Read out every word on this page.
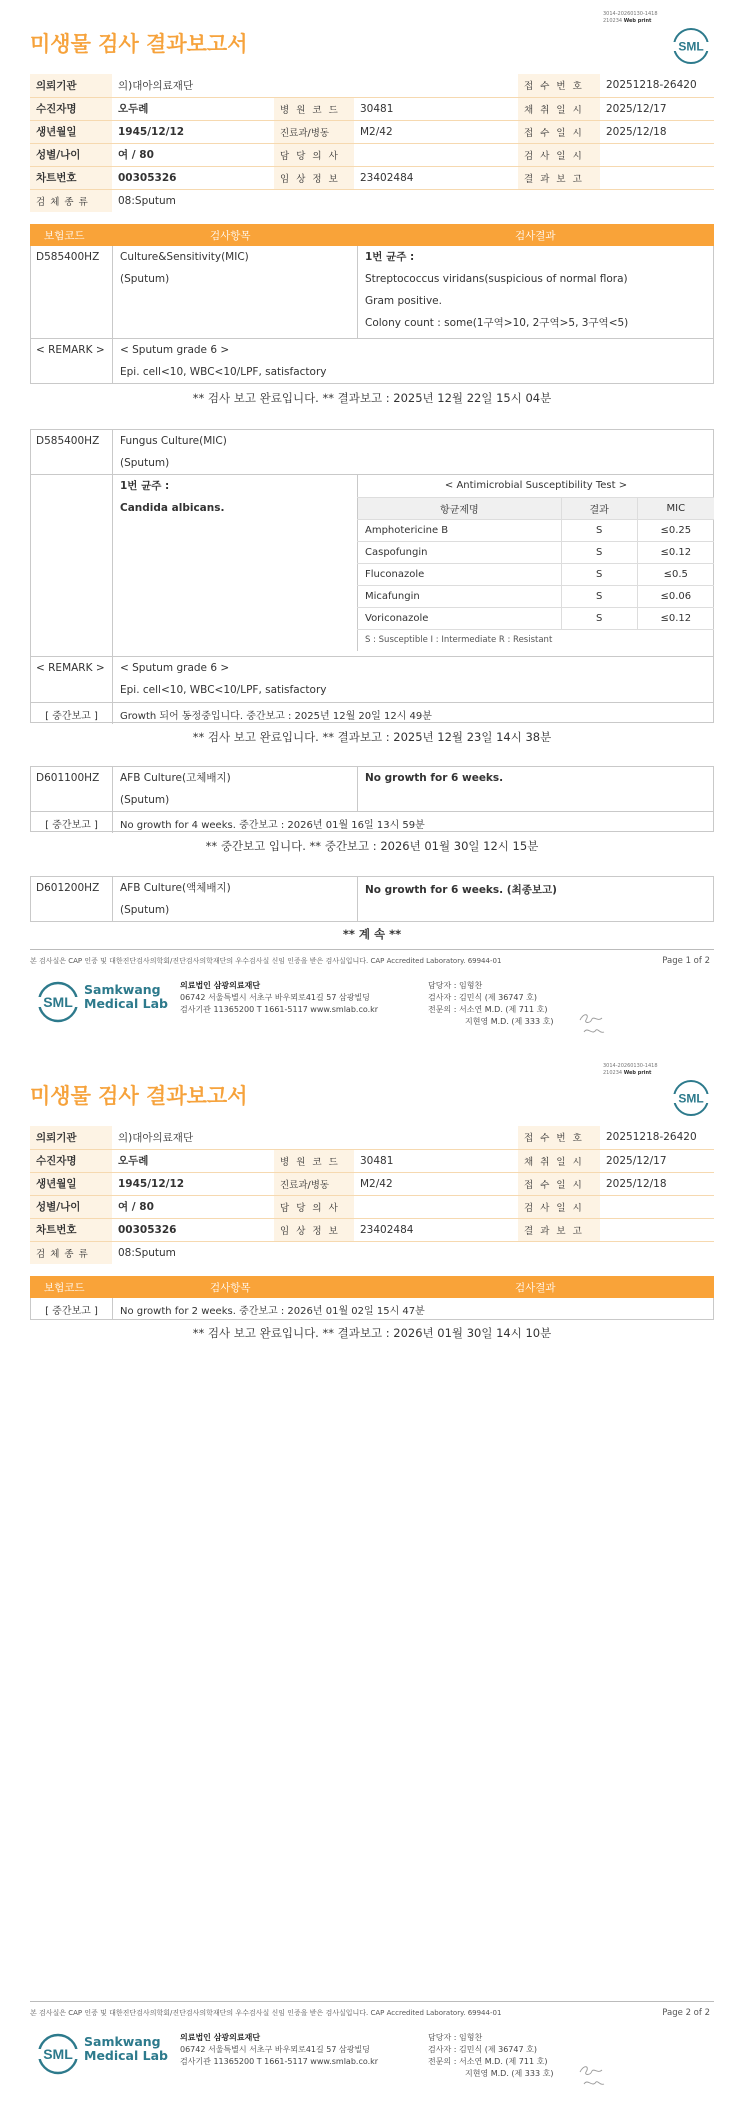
3014-20260130-1418
210234 Web print
SML
미생물 검사 결과보고서
의뢰기관	의)대아의료재단			접 수 번 호	20251218-26420
수진자명	오두례	병 원 코 드	30481	채 취 일 시	2025/12/17
생년월일	1945/12/12	진료과/병동	M2/42	접 수 일 시	2025/12/18
성별/나이	여 / 80	담 당 의 사		검 사 일 시	
차트번호	00305326	임 상 정 보	23402484	결 과 보 고	
검 체 종 류	08:Sputum				
보험코드	검사항목	검사결과
D585400HZ	Culture&Sensitivity(MIC)
(Sputum)
1번 균주 :
Streptococcus viridans(suspicious of normal flora)
Gram positive.
Colony count : some(1구역>10, 2구역>5, 3구역<5)
< REMARK >	< Sputum grade 6 >
Epi. cell<10, WBC<10/LPF, satisfactory
** 검사 보고 완료입니다. ** 결과보고 : 2025년 12월 22일 15시 04분
D585400HZ	Fungus Culture(MIC)
(Sputum)
1번 균주 :
Candida albicans.
< Antimicrobial Susceptibility Test >		
항균제명	결과	MIC
Amphotericine B	S	≤0.25
Caspofungin	S	≤0.12
Fluconazole	S	≤0.5
Micafungin	S	≤0.06
Voriconazole	S	≤0.12
S : Susceptible I : Intermediate R : Resistant		
< REMARK >	< Sputum grade 6 >
Epi. cell<10, WBC<10/LPF, satisfactory
[ 중간보고 ]	Growth 되어 동정중입니다. 중간보고 : 2025년 12월 20일 12시 49분
** 검사 보고 완료입니다. ** 결과보고 : 2025년 12월 23일 14시 38분
D601100HZ	AFB Culture(고체배지)
(Sputum)
No growth for 6 weeks.
[ 중간보고 ]	No growth for 4 weeks. 중간보고 : 2026년 01월 16일 13시 59분
** 중간보고 입니다. ** 중간보고 : 2026년 01월 30일 12시 15분
D601200HZ	AFB Culture(액체배지)
(Sputum)
No growth for 6 weeks. (최종보고)
** 계 속 **
본 검사실은 CAP 인증 및 대한진단검사의학회/진단검사의학재단의 우수검사실 신임 인증을 받은 검사실입니다. CAP Accredited Laboratory. 69944-01	Page 1 of 2
SML
Samkwang
Medical Lab
의료법인 삼광의료재단
06742 서울특별시 서초구 바우뫼로41길 57 삼광빌딩
검사기관 11365200 T 1661-5117 www.smlab.co.kr
담당자 : 임형찬
검사자 : 김민식 (제 36747 호)
전문의 : 서소연 M.D. (제 711 호)
지현영 M.D. (제 333 호)
3014-20260130-1418
210234 Web print
SML
미생물 검사 결과보고서
의뢰기관	의)대아의료재단			접 수 번 호	20251218-26420
수진자명	오두례	병 원 코 드	30481	채 취 일 시	2025/12/17
생년월일	1945/12/12	진료과/병동	M2/42	접 수 일 시	2025/12/18
성별/나이	여 / 80	담 당 의 사		검 사 일 시	
차트번호	00305326	임 상 정 보	23402484	결 과 보 고	
검 체 종 류	08:Sputum				
보험코드	검사항목	검사결과
[ 중간보고 ]	No growth for 2 weeks. 중간보고 : 2026년 01월 02일 15시 47분
** 검사 보고 완료입니다. ** 결과보고 : 2026년 01월 30일 14시 10분
본 검사실은 CAP 인증 및 대한진단검사의학회/진단검사의학재단의 우수검사실 신임 인증을 받은 검사실입니다. CAP Accredited Laboratory. 69944-01	Page 2 of 2
SML
Samkwang
Medical Lab
의료법인 삼광의료재단
06742 서울특별시 서초구 바우뫼로41길 57 삼광빌딩
검사기관 11365200 T 1661-5117 www.smlab.co.kr
담당자 : 임형찬
검사자 : 김민식 (제 36747 호)
전문의 : 서소연 M.D. (제 711 호)
지현영 M.D. (제 333 호)
